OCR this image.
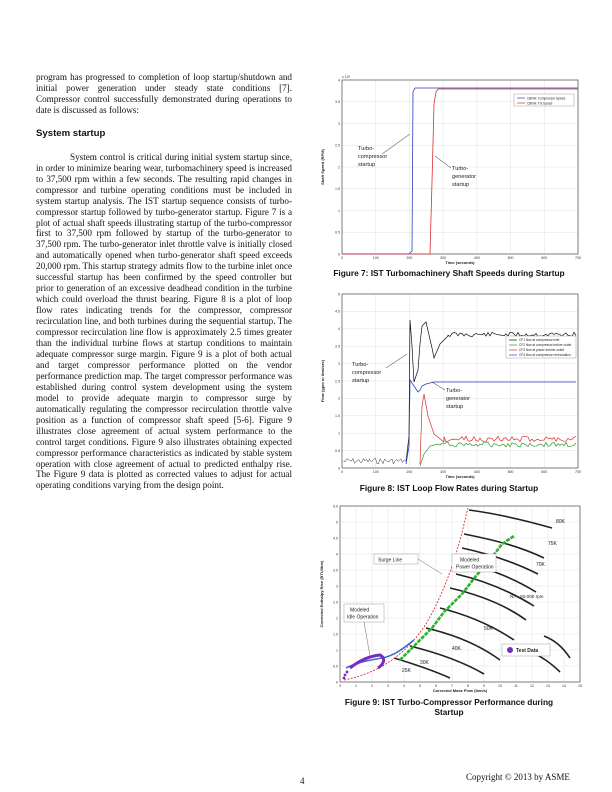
program has progressed to completion of loop startup/shutdown and initial power generation under steady state conditions [7]. Compressor control successfully demonstrated during operations to date is discussed as follows:

System startup

System control is critical during initial system startup since, in order to minimize bearing wear, turbomachinery speed is increased to 37,500 rpm within a few seconds. The resulting rapid changes in compressor and turbine operating conditions must be included in system startup analysis. The IST startup sequence consists of turbo-compressor startup followed by turbo-generator startup. Figure 7 is a plot of actual shaft speeds illustrating startup of the turbo-compressor first to 37,500 rpm followed by startup of the turbo-generator to 37,500 rpm. The turbo-generator inlet throttle valve is initially closed and automatically opened when turbo-generator shaft speed exceeds 20,000 rpm. This startup strategy admits flow to the turbine inlet once successful startup has been confirmed by the speed controller but prior to generation of an excessive deadhead condition in the turbine which could overload the thrust bearing. Figure 8 is a plot of loop flow rates indicating trends for the compressor, compressor recirculation line, and both turbines during the sequential startup. The compressor recirculation line flow is approximately 2.5 times greater than the individual turbine flows at startup conditions to maintain adequate compressor surge margin. Figure 9 is a plot of both actual and target compressor performance plotted on the vendor performance prediction map. The target compressor performance was established during control system development using the system model to provide adequate margin to compressor surge by automatically regulating the compressor recirculation throttle valve position as a function of compressor shaft speed [5-6]. Figure 9 illustrates close agreement of actual system performance to the control target conditions. Figure 9 also illustrates obtaining expected compressor performance characteristics as indicated by stable system operation with close agreement of actual to predicted enthalpy rise. The Figure 9 data is plotted as corrected values to adjust for actual operating conditions varying from the design point.

x 10⁴
0
0.5
1
1.5
2
2.5
3
3.5
4
0	100	200	300	400	500	600	700
CBNH: Compressor Speed
CBNH: TG Speed
Turbo-
compressor
startup
Turbo-
generator
startup
Time (seconds)
Shaft Speed (RPM)
Figure 7: IST Turbomachinery Shaft Speeds during Startup
0
0.5
1
1.5
2
2.5
3
3.5
4
4.5
5
0	100	200	300	400	500	600	700
CF1 flow at compressor inlet
CF2 flow at compressor before outlet
CF3 flow at power turbine outlet
CF4 flow at compressor recirculation
Turbo-
compressor
startup
Turbo-
generator
startup
Time (seconds)
Flow (gpm or lbm/sec)
Figure 8: IST Loop Flow Rates during Startup
0
0.5
1
1.5
2
2.5
3
3.5
4
4.5
5
5.5
0	1	2	3	4	5	6	7	8	9	10	11	12	13	14	15
Surge Line	Modeled
Power Operation
Modeled
Idle Operation
80K
75K
70K
Nₛ = 60,000 rpm
50K
40K
30K
25K
Test Data
Corrected Mass Flow (lbm/s)
Corrected Enthalpy Rise (BTU/lbm)
Figure 9: IST Turbo-Compressor Performance during
Startup
4	Copyright © 2013 by ASME
